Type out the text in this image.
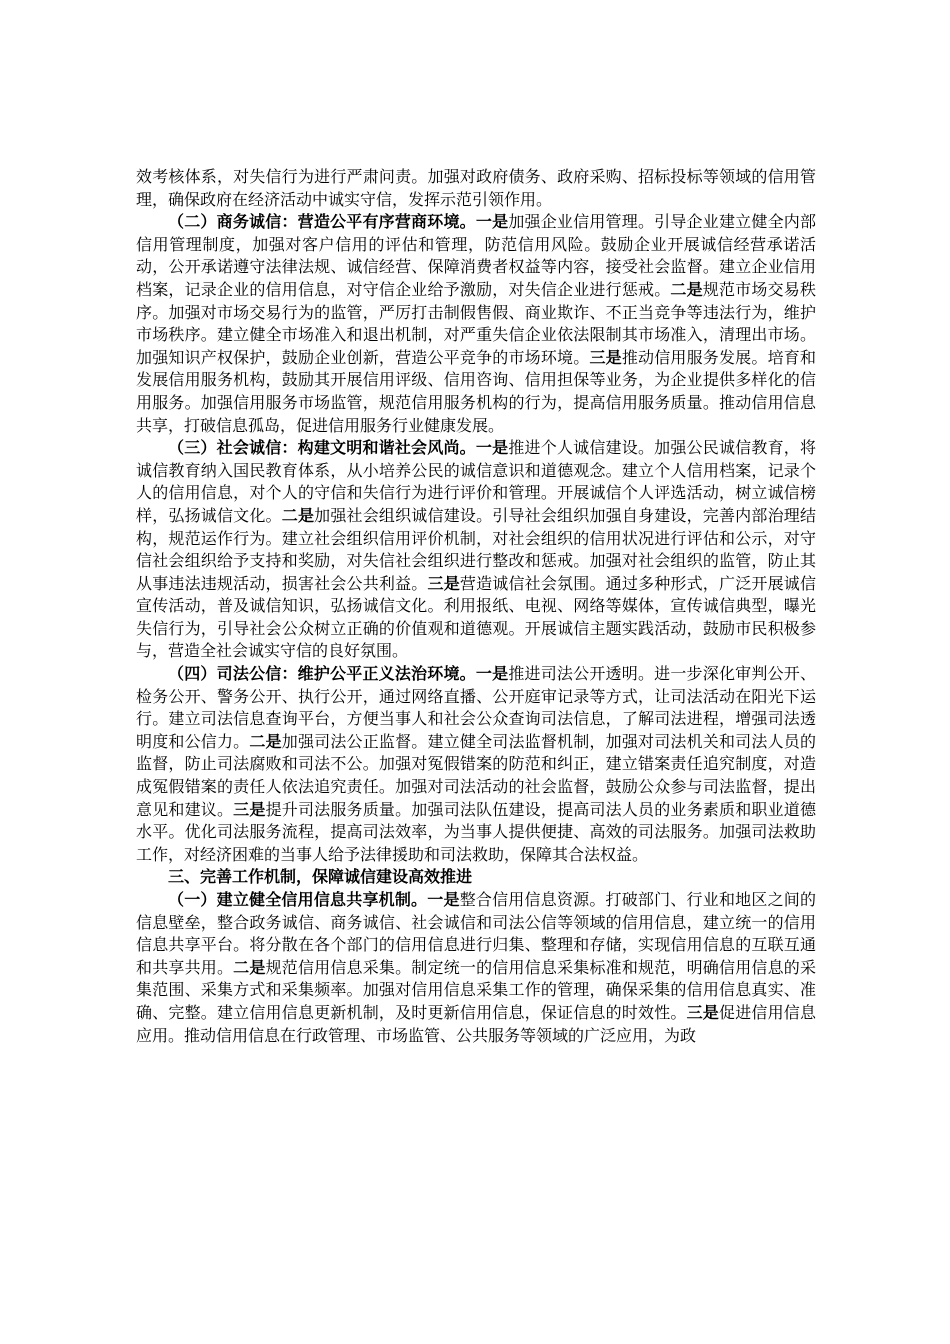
效考核体系，对失信行为进行严肃问责。加强对政府债务、政府采购、招标投标等领域的信用管理，确保政府在经济活动中诚实守信，发挥示范引领作用。

（二）商务诚信：营造公平有序营商环境。一是加强企业信用管理。引导企业建立健全内部信用管理制度，加强对客户信用的评估和管理，防范信用风险。鼓励企业开展诚信经营承诺活动，公开承诺遵守法律法规、诚信经营、保障消费者权益等内容，接受社会监督。建立企业信用档案，记录企业的信用信息，对守信企业给予激励，对失信企业进行惩戒。二是规范市场交易秩序。加强对市场交易行为的监管，严厉打击制假售假、商业欺诈、不正当竞争等违法行为，维护市场秩序。建立健全市场准入和退出机制，对严重失信企业依法限制其市场准入，清理出市场。加强知识产权保护，鼓励企业创新，营造公平竞争的市场环境。三是推动信用服务发展。培育和发展信用服务机构，鼓励其开展信用评级、信用咨询、信用担保等业务，为企业提供多样化的信用服务。加强信用服务市场监管，规范信用服务机构的行为，提高信用服务质量。推动信用信息共享，打破信息孤岛，促进信用服务行业健康发展。

（三）社会诚信：构建文明和谐社会风尚。一是推进个人诚信建设。加强公民诚信教育，将诚信教育纳入国民教育体系，从小培养公民的诚信意识和道德观念。建立个人信用档案，记录个人的信用信息，对个人的守信和失信行为进行评价和管理。开展诚信个人评选活动，树立诚信榜样，弘扬诚信文化。二是加强社会组织诚信建设。引导社会组织加强自身建设，完善内部治理结构，规范运作行为。建立社会组织信用评价机制，对社会组织的信用状况进行评估和公示，对守信社会组织给予支持和奖励，对失信社会组织进行整改和惩戒。加强对社会组织的监管，防止其从事违法违规活动，损害社会公共利益。三是营造诚信社会氛围。通过多种形式，广泛开展诚信宣传活动，普及诚信知识，弘扬诚信文化。利用报纸、电视、网络等媒体，宣传诚信典型，曝光失信行为，引导社会公众树立正确的价值观和道德观。开展诚信主题实践活动，鼓励市民积极参与，营造全社会诚实守信的良好氛围。

（四）司法公信：维护公平正义法治环境。一是推进司法公开透明。进一步深化审判公开、检务公开、警务公开、执行公开，通过网络直播、公开庭审记录等方式，让司法活动在阳光下运行。建立司法信息查询平台，方便当事人和社会公众查询司法信息，了解司法进程，增强司法透明度和公信力。二是加强司法公正监督。建立健全司法监督机制，加强对司法机关和司法人员的监督，防止司法腐败和司法不公。加强对冤假错案的防范和纠正，建立错案责任追究制度，对造成冤假错案的责任人依法追究责任。加强对司法活动的社会监督，鼓励公众参与司法监督，提出意见和建议。三是提升司法服务质量。加强司法队伍建设，提高司法人员的业务素质和职业道德水平。优化司法服务流程，提高司法效率，为当事人提供便捷、高效的司法服务。加强司法救助工作，对经济困难的当事人给予法律援助和司法救助，保障其合法权益。

三、完善工作机制，保障诚信建设高效推进

（一）建立健全信用信息共享机制。一是整合信用信息资源。打破部门、行业和地区之间的信息壁垒，整合政务诚信、商务诚信、社会诚信和司法公信等领域的信用信息，建立统一的信用信息共享平台。将分散在各个部门的信用信息进行归集、整理和存储，实现信用信息的互联互通和共享共用。二是规范信用信息采集。制定统一的信用信息采集标准和规范，明确信用信息的采集范围、采集方式和采集频率。加强对信用信息采集工作的管理，确保采集的信用信息真实、准确、完整。建立信用信息更新机制，及时更新信用信息，保证信息的时效性。三是促进信用信息应用。推动信用信息在行政管理、市场监管、公共服务等领域的广泛应用，为政
